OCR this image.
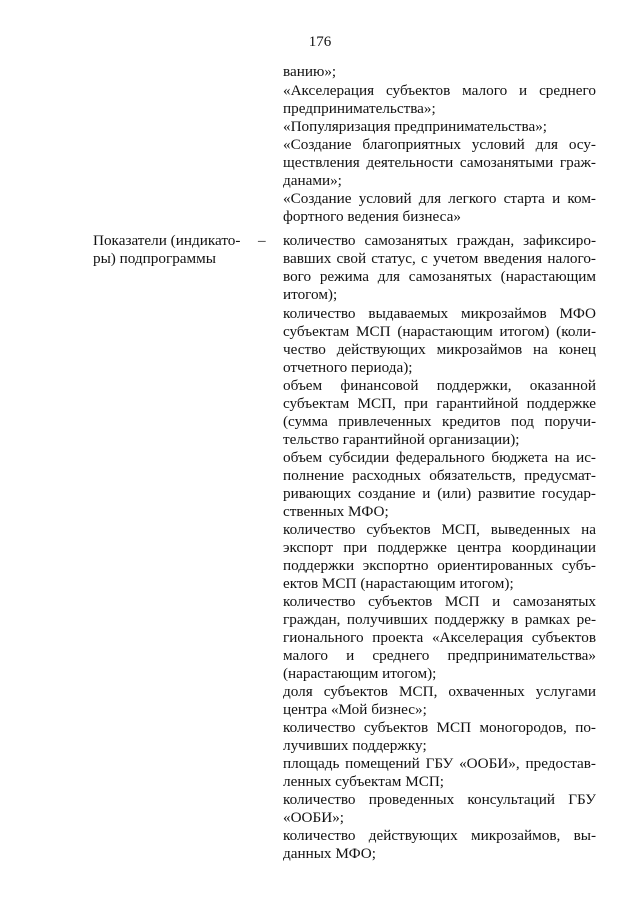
176
ванию»;
«Акселерация субъектов малого и среднего
предпринимательства»;
«Популяризация предпринимательства»;
«Создание благоприятных условий для осу-
ществления деятельности самозанятыми граж-
данами»;
«Создание условий для легкого старта и ком-
фортного ведения бизнеса»
Показатели (индикато-
ры) подпрограммы
– количество самозанятых граждан, зафиксиро-
вавших свой статус, с учетом введения налого-
вого режима для самозанятых (нарастающим
итогом);
количество выдаваемых микрозаймов МФО
субъектам МСП (нарастающим итогом) (коли-
чество действующих микрозаймов на конец
отчетного периода);
объем финансовой поддержки, оказанной
субъектам МСП, при гарантийной поддержке
(сумма привлеченных кредитов под поручи-
тельство гарантийной организации);
объем субсидии федерального бюджета на ис-
полнение расходных обязательств, предусмат-
ривающих создание и (или) развитие государ-
ственных МФО;
количество субъектов МСП, выведенных на
экспорт при поддержке центра координации
поддержки экспортно ориентированных субъ-
ектов МСП (нарастающим итогом);
количество субъектов МСП и самозанятых
граждан, получивших поддержку в рамках ре-
гионального проекта «Акселерация субъектов
малого и среднего предпринимательства»
(нарастающим итогом);
доля субъектов МСП, охваченных услугами
центра «Мой бизнес»;
количество субъектов МСП моногородов, по-
лучивших поддержку;
площадь помещений ГБУ «ООБИ», предостав-
ленных субъектам МСП;
количество проведенных консультаций ГБУ
«ООБИ»;
количество действующих микрозаймов, вы-
данных МФО;
